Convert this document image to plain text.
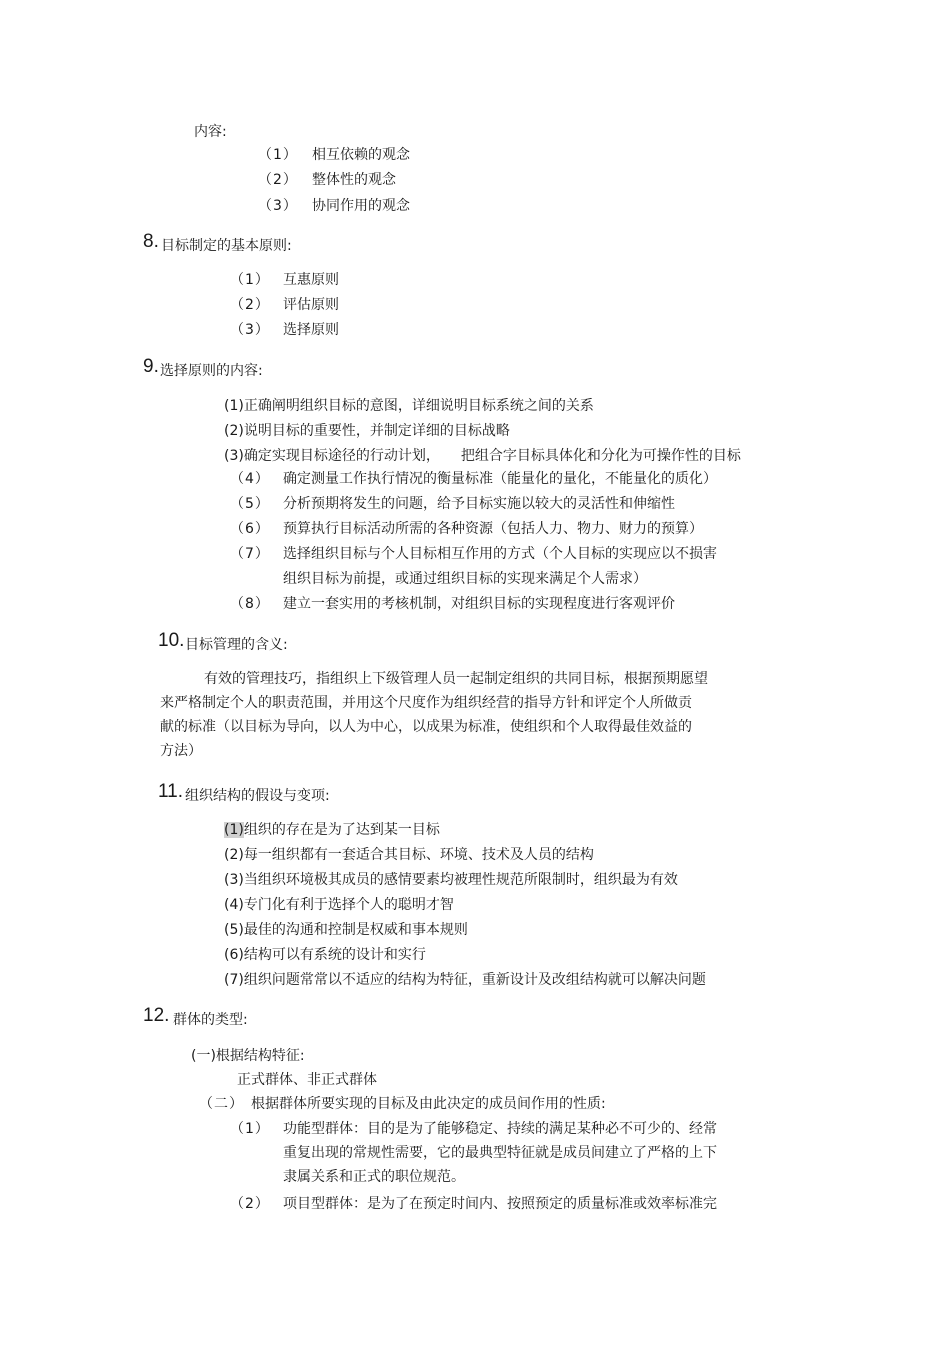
内容:
（1） 相互依赖的观念
（2） 整体性的观念
（3） 协同作用的观念
8. 目标制定的基本原则:
（1） 互惠原则
（2） 评估原则
（3） 选择原则
9. 选择原则的内容:
(1)正确阐明组织目标的意图，详细说明目标系统之间的关系
(2)说明目标的重要性，并制定详细的目标战略
(3)确定实现目标途径的行动计划，　　把组合字目标具体化和分化为可操作性的目标
（4） 确定测量工作执行情况的衡量标准（能量化的量化，不能量化的质化）
（5） 分析预期将发生的问题，给予目标实施以较大的灵活性和伸缩性
（6） 预算执行目标活动所需的各种资源（包括人力、物力、财力的预算）
（7） 选择组织目标与个人目标相互作用的方式（个人目标的实现应以不损害
组织目标为前提，或通过组织目标的实现来满足个人需求）
（8） 建立一套实用的考核机制，对组织目标的实现程度进行客观评价
10. 目标管理的含义:
有效的管理技巧，指组织上下级管理人员一起制定组织的共同目标，根据预期愿望
来严格制定个人的职责范围，并用这个尺度作为组织经营的指导方针和评定个人所做贡
献的标准（以目标为导向，以人为中心，以成果为标准，使组织和个人取得最佳效益的
方法）
11. 组织结构的假设与变项:
(1)组织的存在是为了达到某一目标
(2)每一组织都有一套适合其目标、环境、技术及人员的结构
(3)当组织环境极其成员的感情要素均被理性规范所限制时，组织最为有效
(4)专门化有利于选择个人的聪明才智
(5)最佳的沟通和控制是权威和事本规则
(6)结构可以有系统的设计和实行
(7)组织问题常常以不适应的结构为特征，重新设计及改组结构就可以解决问题
12. 群体的类型:
(一)根据结构特征:
正式群体、非正式群体
（二） 根据群体所要实现的目标及由此决定的成员间作用的性质:
（1） 功能型群体：目的是为了能够稳定、持续的满足某种必不可少的、经常
重复出现的常规性需要，它的最典型特征就是成员间建立了严格的上下
隶属关系和正式的职位规范。
（2） 项目型群体：是为了在预定时间内、按照预定的质量标准或效率标准完
